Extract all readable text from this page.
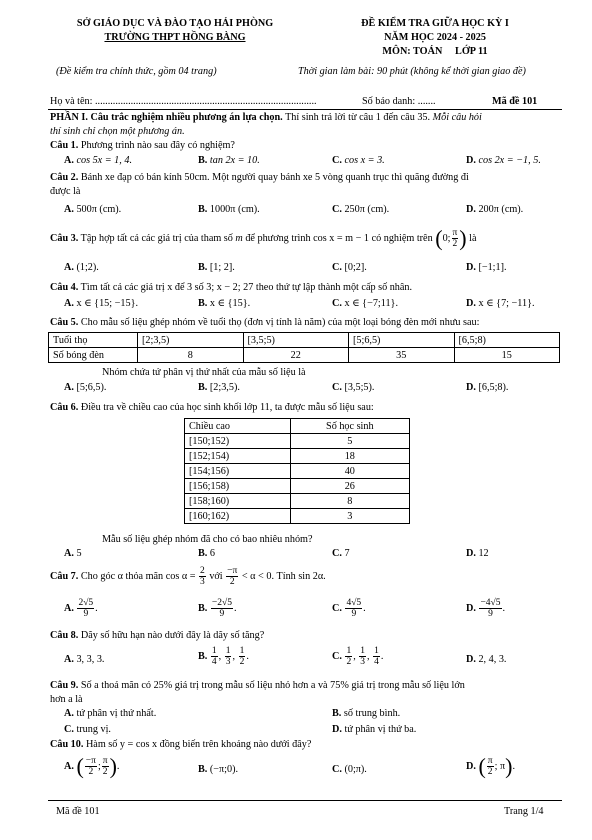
SỞ GIÁO DỤC VÀ ĐÀO TẠO HẢI PHÒNG
TRƯỜNG THPT HỒNG BÀNG
ĐỀ KIỂM TRA GIỮA HỌC KỲ I
NĂM HỌC 2024 - 2025
MÔN: TOÁN     LỚP 11
(Đề kiểm tra chính thức, gồm 04 trang)	Thời gian làm bài: 90 phút (không kể thời gian giao đề)
Họ và tên: .......................................................................................	Số báo danh: .......	Mã đề 101
PHẦN I. Câu trắc nghiệm nhiều phương án lựa chọn. Thí sinh trả lời từ câu 1 đến câu 35. Mỗi câu hỏi
thí sinh chỉ chọn một phương án.
Câu 1. Phương trình nào sau đây có nghiệm?
A. cos 5x = 1, 4.	B. tan 2x = 10.	C. cos x = 3.	D. cos 2x = −1, 5.
Câu 2. Bánh xe đạp có bán kính 50cm. Một người quay bánh xe 5 vòng quanh trục thì quãng đường đi
được là
A. 500π (cm).	B. 1000π (cm).	C. 250π (cm).	D. 200π (cm).
Câu 3. Tập hợp tất cả các giá trị của tham số m để phương trình cos x = m − 1 có nghiệm trên (0; $\frac{\pi}{2}$ ) là
A. (1;2).	B. [1; 2].	C. [0;2].	D. [−1;1].
Câu 4. Tìm tất cả các giá trị x để 3 số 3; x − 2; 27 theo thứ tự lập thành một cấp số nhân.
A. x ∈ {15; −15}.	B. x ∈ {15}.	C. x ∈ {−7;11}.	D. x ∈ {7; −11}.
Câu 5. Cho mẫu số liệu ghép nhóm về tuổi thọ (đơn vị tính là năm) của một loại bóng đèn mới nhưu sau:
Tuổi thọ	[2;3,5)	[3,5;5)	[5;6,5)	[6,5;8)
Số bóng đèn	8	22	35	15
Nhóm chứa tứ phân vị thứ nhất của mẫu số liệu là
A. [5;6,5).	B. [2;3,5).	C. [3,5;5).	D. [6,5;8).
Câu 6. Điều tra về chiều cao của học sinh khối lớp 11, ta được mẫu số liệu sau:
Chiều cao	Số học sinh
[150;152)	5
[152;154)	18
[154;156)	40
[156;158)	26
[158;160)	8
[160;162)	3
Mẫu số liệu ghép nhóm đã cho có bao nhiêu nhóm?
A. 5	B. 6	C. 7	D. 12
Câu 7. Cho góc α thỏa mãn $\cos \alpha = \frac{2}{3}$ với $\frac{-\pi}{2} < \alpha < 0$. Tính sin 2α.
A. $\frac{2√5}{9}$ .	B. $\frac{-2√5}{9}$ .	C. $\frac{4√5}{9}$ .	D. $\frac{-4√5}{9}$ .
Câu 8. Dãy số hữu hạn nào dưới đây là dãy số tăng?
A. 3, 3, 3.	B. $\frac{1}{4}$ , $\frac{1}{3}$ , $\frac{1}{2}$ .	C. $\frac{1}{2}$ , $\frac{1}{3}$ , $\frac{1}{4}$ .	D. 2, 4, 3.
Câu 9. Số a thoả mãn có 25% giá trị trong mẫu số liệu nhỏ hơn a và 75% giá trị trong mẫu số liệu lớn
hơn a là
A. tứ phân vị thứ nhất.	B. số trung bình.
C. trung vị.	D. tứ phân vị thứ ba.
Câu 10. Hàm số y = cos x đồng biến trên khoảng nào dưới đây?
A. ( $\frac{-\pi}{2}$ ; $\frac{\pi}{2}$ ).	B. (−π;0).	C. (0;π).	D. ( $\frac{\pi}{2}$ ; π).
Mã đề 101	Trang 1/4
